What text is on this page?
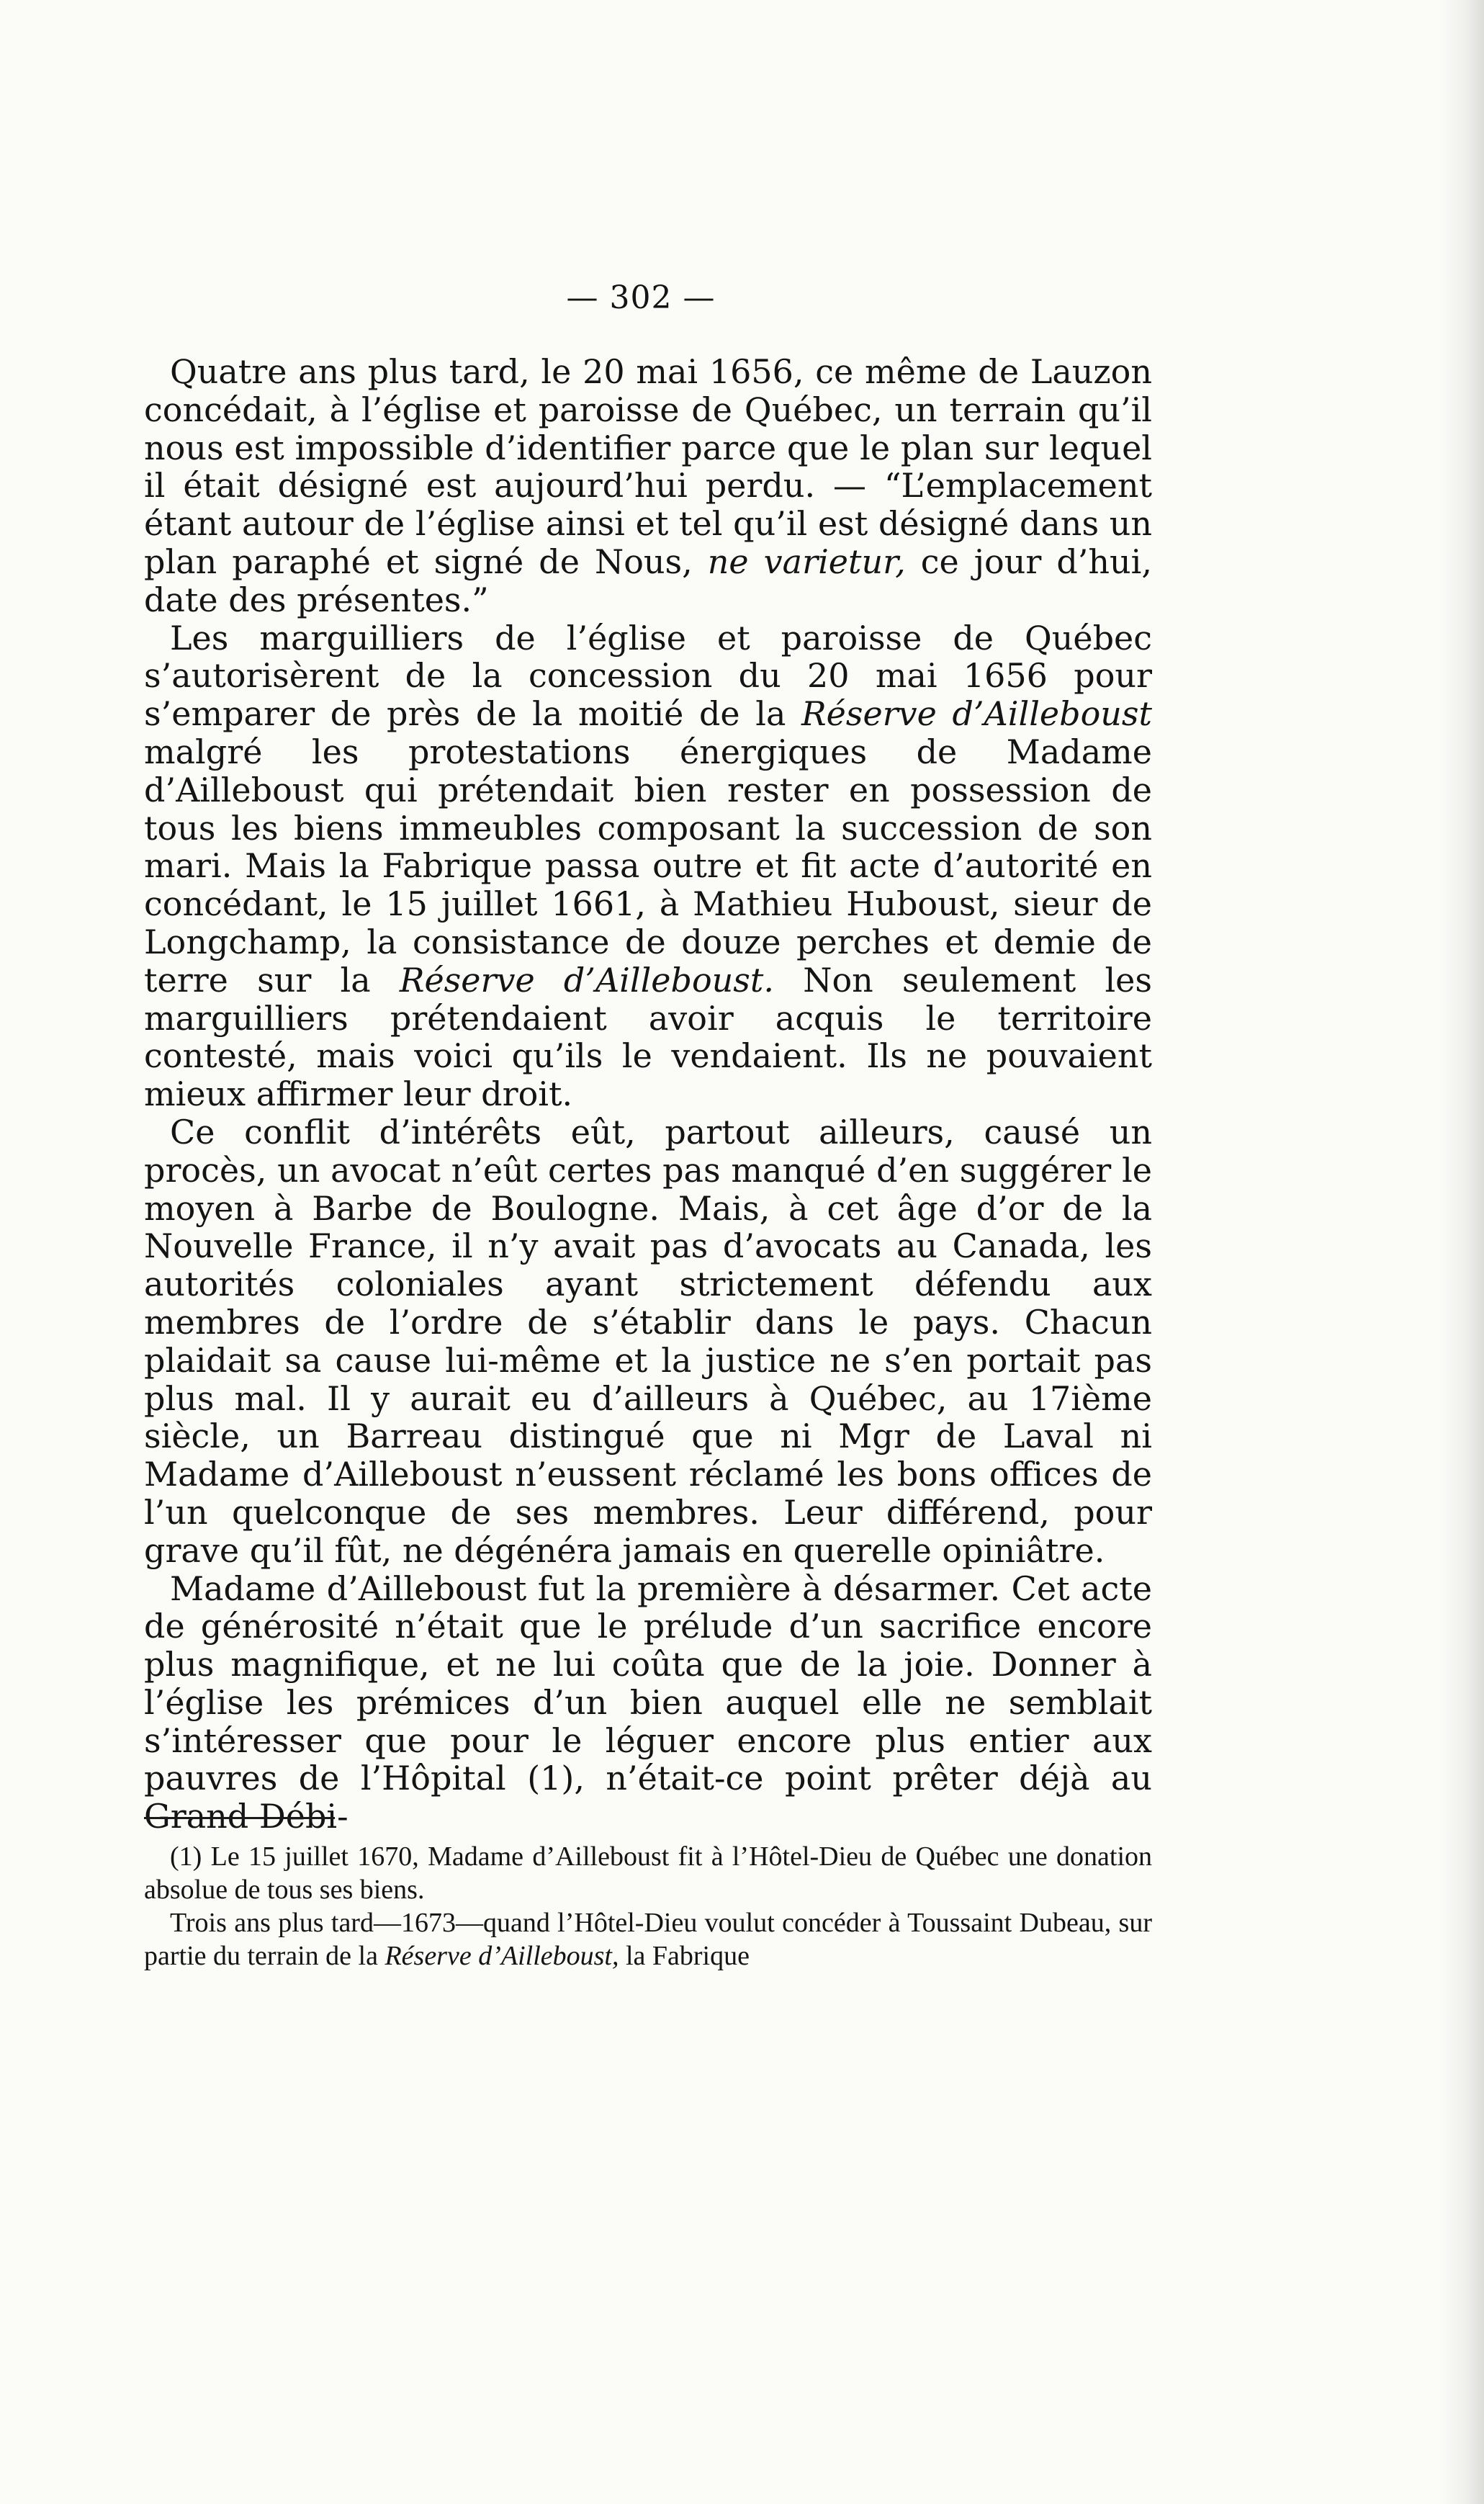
— 302 —

Quatre ans plus tard, le 20 mai 1656, ce même de Lauzon concédait, à l’église et paroisse de Québec, un terrain qu’il nous est impossible d’identifier parce que le plan sur lequel il était désigné est aujourd’hui perdu. — “L’emplacement étant autour de l’église ainsi et tel qu’il est désigné dans un plan paraphé et signé de Nous, ne varietur, ce jour d’hui, date des présentes.”

Les marguilliers de l’église et paroisse de Québec s’autorisèrent de la concession du 20 mai 1656 pour s’emparer de près de la moitié de la Réserve d’Ailleboust malgré les protestations énergiques de Madame d’Ailleboust qui prétendait bien rester en possession de tous les biens immeubles composant la succession de son mari. Mais la Fabrique passa outre et fit acte d’autorité en concédant, le 15 juillet 1661, à Mathieu Huboust, sieur de Longchamp, la consistance de douze perches et demie de terre sur la Réserve d’Ailleboust. Non seulement les marguilliers prétendaient avoir acquis le territoire contesté, mais voici qu’ils le vendaient. Ils ne pouvaient mieux affirmer leur droit.

Ce conflit d’intérêts eût, partout ailleurs, causé un procès, un avocat n’eût certes pas manqué d’en suggérer le moyen à Barbe de Boulogne. Mais, à cet âge d’or de la Nouvelle France, il n’y avait pas d’avocats au Canada, les autorités coloniales ayant strictement défendu aux membres de l’ordre de s’établir dans le pays. Chacun plaidait sa cause lui-même et la justice ne s’en portait pas plus mal. Il y aurait eu d’ailleurs à Québec, au 17ième siècle, un Barreau distingué que ni Mgr de Laval ni Madame d’Ailleboust n’eussent réclamé les bons offices de l’un quelconque de ses membres. Leur différend, pour grave qu’il fût, ne dégénéra jamais en querelle opiniâtre.

Madame d’Ailleboust fut la première à désarmer. Cet acte de générosité n’était que le prélude d’un sacrifice encore plus magnifique, et ne lui coûta que de la joie. Donner à l’église les prémices d’un bien auquel elle ne semblait s’intéresser que pour le léguer encore plus entier aux pauvres de l’Hôpital (1), n’était-ce point prêter déjà au Grand Débi-

(1) Le 15 juillet 1670, Madame d’Ailleboust fit à l’Hôtel-Dieu de Québec une donation absolue de tous ses biens.

Trois ans plus tard—1673—quand l’Hôtel-Dieu voulut concéder à Toussaint Dubeau, sur partie du terrain de la Réserve d’Ailleboust, la Fabrique
